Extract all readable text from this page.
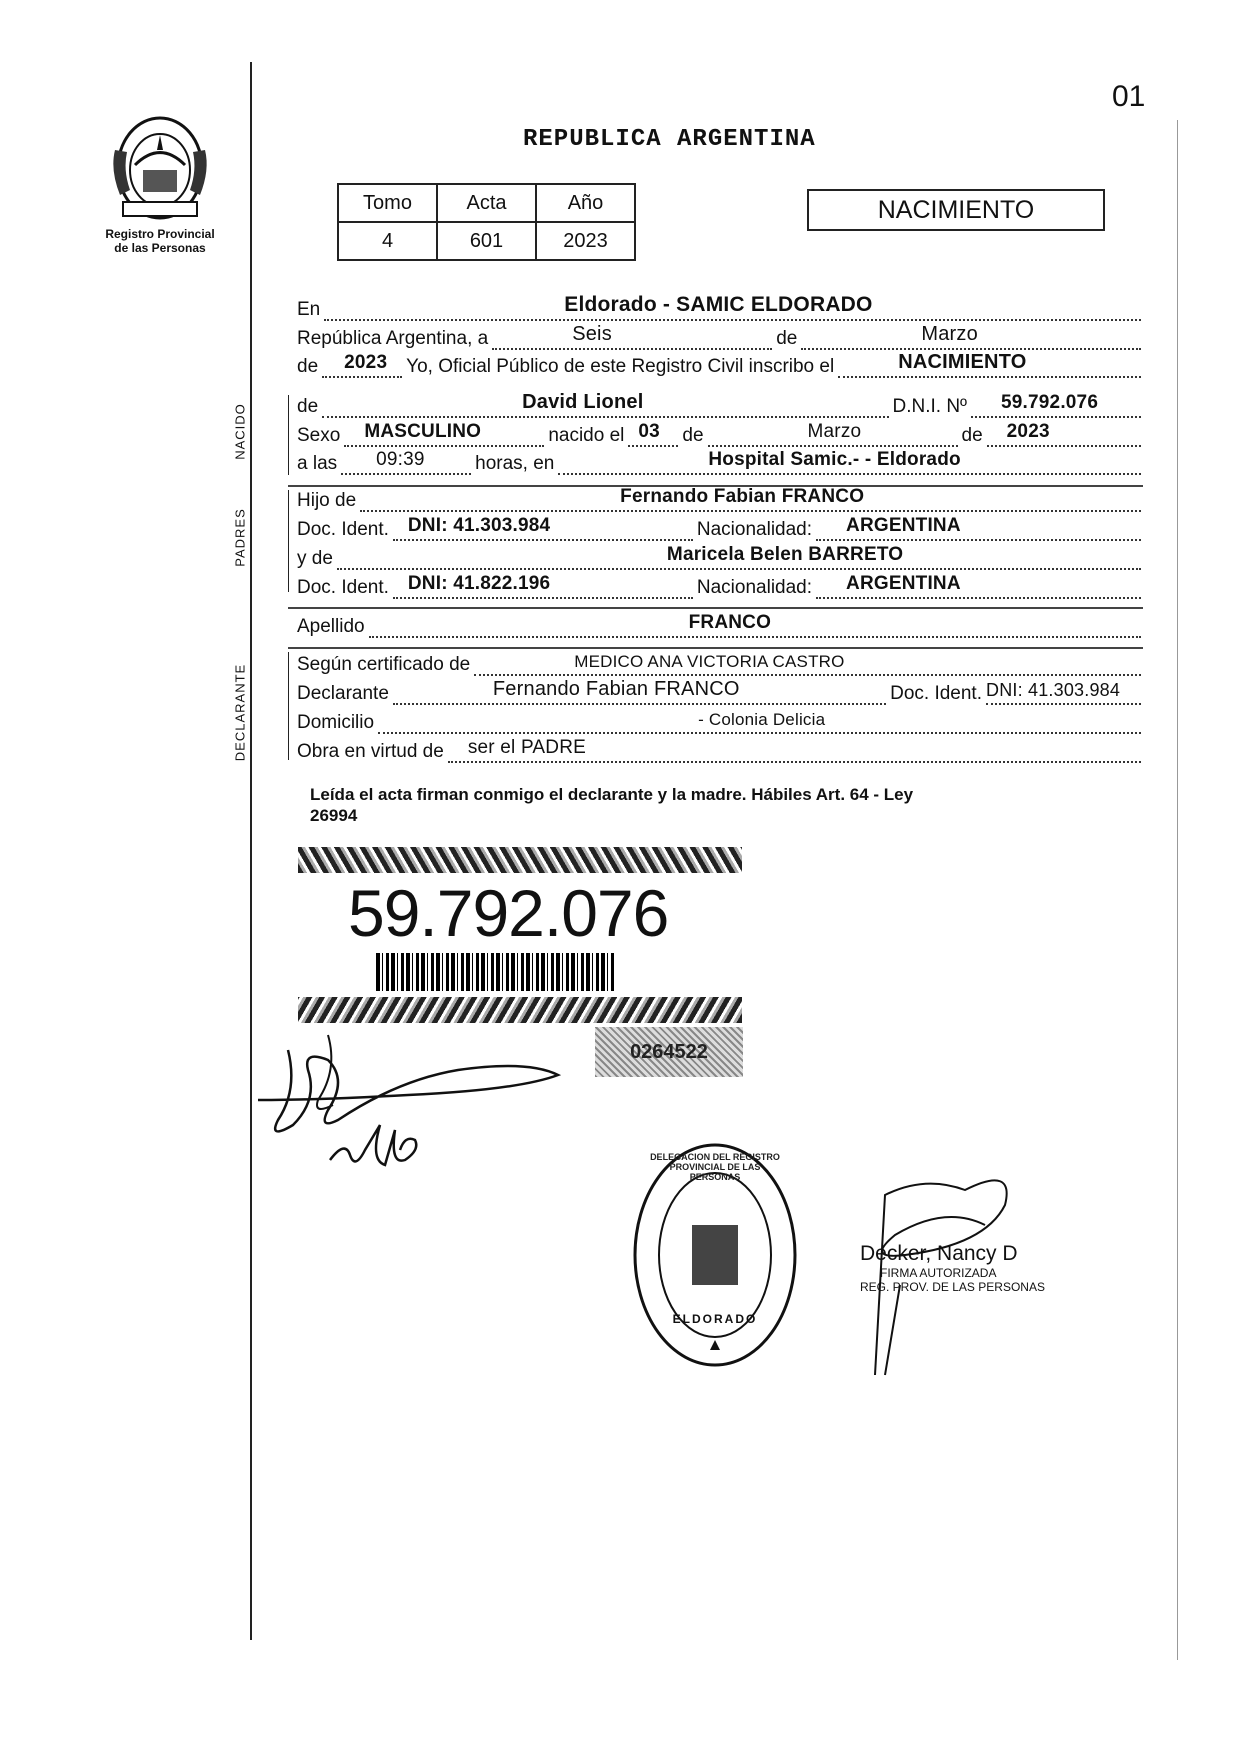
01
Registro Provincial
de las Personas
REPUBLICA ARGENTINA
Tomo	Acta	Año
4	601	2023
NACIMIENTO
En	Eldorado - SAMIC ELDORADO
República Argentina, a	Seis	de	Marzo
de 2023 Yo, Oficial Público de este Registro Civil inscribo el	NACIMIENTO
NACIDO	de	David Lionel	D.N.I. Nº 59.792.076
Sexo MASCULINO	nacido el 03 de	Marzo	de 2023
a las 09:39	horas, en	Hospital Samic.- - Eldorado
PADRES
Hijo de	Fernando Fabian FRANCO
Doc. Ident. DNI: 41.303.984	Nacionalidad: ARGENTINA
y de	Maricela Belen BARRETO
Doc. Ident. DNI: 41.822.196	Nacionalidad: ARGENTINA
Apellido	FRANCO
DECLARANTE	Según certificado de	MEDICO ANA VICTORIA CASTRO
Declarante	Fernando Fabian FRANCO	Doc. Ident. DNI: 41.303.984
Domicilio	- Colonia Delicia
Obra en virtud de ser el PADRE
Leída el acta firman conmigo el declarante y la madre. Hábiles Art. 64 - Ley
26994
59.792.076
0264522
DELEGACION DEL REGISTRO PROVINCIAL DE LAS PERSONAS
ELDORADO
Decker, Nancy D
FIRMA AUTORIZADA
REG. PROV. DE LAS PERSONAS
